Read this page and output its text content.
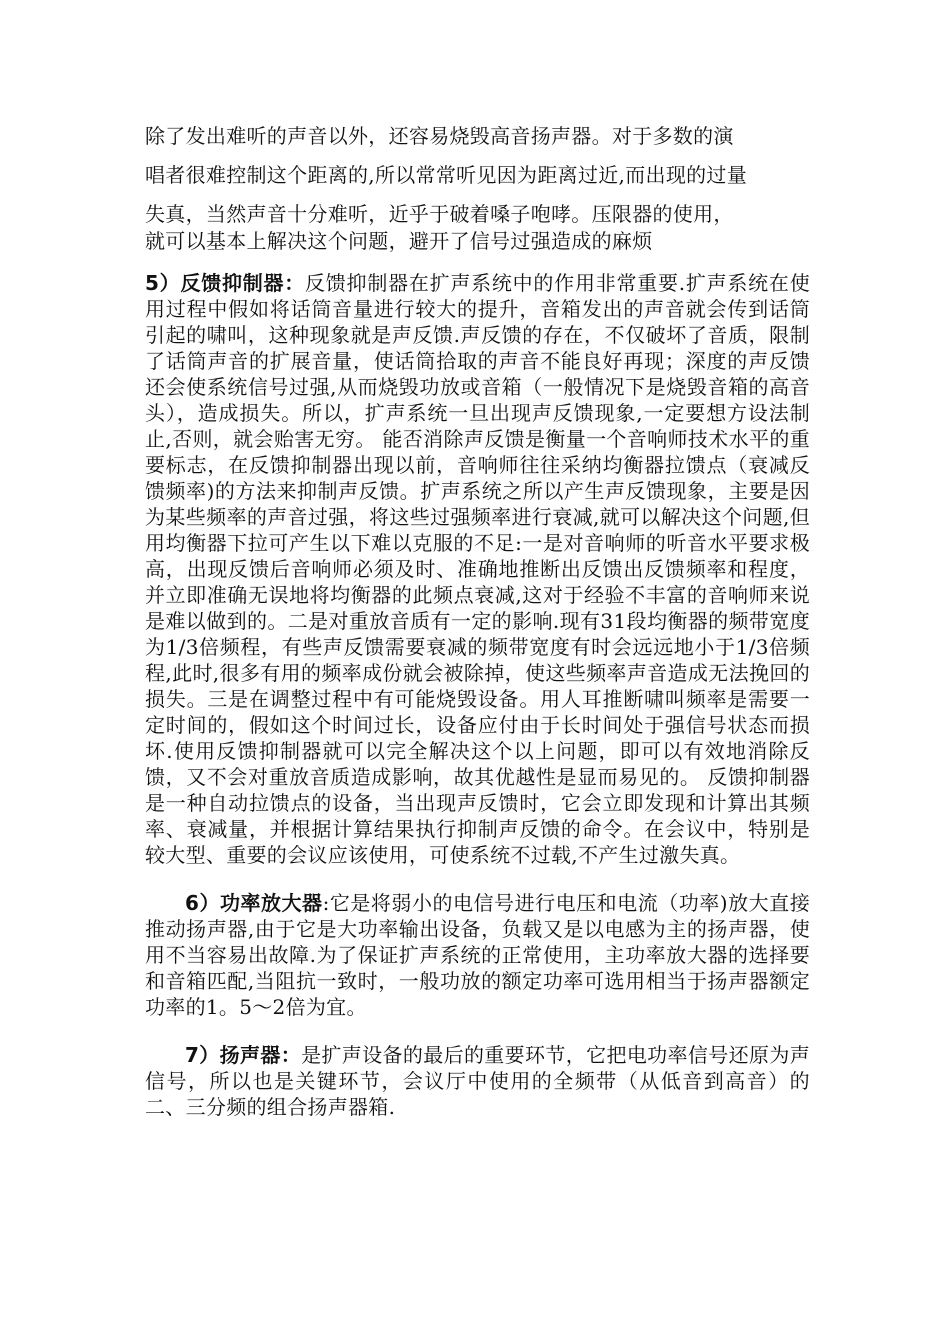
除了发出难听的声音以外，还容易烧毁高音扬声器。对于多数的演
唱者很难控制这个距离的,所以常常听见因为距离过近,而出现的过量
失真，当然声音十分难听，近乎于破着嗓子咆哮。压限器的使用，
就可以基本上解决这个问题，避开了信号过强造成的麻烦

5）反馈抑制器：反馈抑制器在扩声系统中的作用非常重要.扩声系统在使用过程中假如将话筒音量进行较大的提升，音箱发出的声音就会传到话筒引起的啸叫，这种现象就是声反馈.声反馈的存在，不仅破坏了音质，限制了话筒声音的扩展音量，使话筒拾取的声音不能良好再现；深度的声反馈还会使系统信号过强,从而烧毁功放或音箱（一般情况下是烧毁音箱的高音头），造成损失。所以，扩声系统一旦出现声反馈现象,一定要想方设法制止,否则，就会贻害无穷。 能否消除声反馈是衡量一个音响师技术水平的重要标志，在反馈抑制器出现以前，音响师往往采纳均衡器拉馈点（衰减反馈频率)的方法来抑制声反馈。扩声系统之所以产生声反馈现象，主要是因为某些频率的声音过强，将这些过强频率进行衰减,就可以解决这个问题,但用均衡器下拉可产生以下难以克服的不足:一是对音响师的听音水平要求极高，出现反馈后音响师必须及时、准确地推断出反馈出反馈频率和程度，并立即准确无误地将均衡器的此频点衰减,这对于经验不丰富的音响师来说是难以做到的。二是对重放音质有一定的影响.现有31段均衡器的频带宽度为1/3倍频程，有些声反馈需要衰减的频带宽度有时会远远地小于1/3倍频程,此时,很多有用的频率成份就会被除掉，使这些频率声音造成无法挽回的损失。三是在调整过程中有可能烧毁设备。用人耳推断啸叫频率是需要一定时间的，假如这个时间过长，设备应付由于长时间处于强信号状态而损坏.使用反馈抑制器就可以完全解决这个以上问题，即可以有效地消除反馈，又不会对重放音质造成影响，故其优越性是显而易见的。 反馈抑制器是一种自动拉馈点的设备，当出现声反馈时，它会立即发现和计算出其频率、衰减量，并根据计算结果执行抑制声反馈的命令。在会议中，特别是较大型、重要的会议应该使用，可使系统不过载,不产生过激失真。

6）功率放大器:它是将弱小的电信号进行电压和电流（功率)放大直接推动扬声器,由于它是大功率输出设备，负载又是以电感为主的扬声器，使用不当容易出故障.为了保证扩声系统的正常使用，主功率放大器的选择要和音箱匹配,当阻抗一致时，一般功放的额定功率可选用相当于扬声器额定功率的1。5～2倍为宜。

7）扬声器：是扩声设备的最后的重要环节，它把电功率信号还原为声信号，所以也是关键环节，会议厅中使用的全频带（从低音到高音）的二、三分频的组合扬声器箱.
